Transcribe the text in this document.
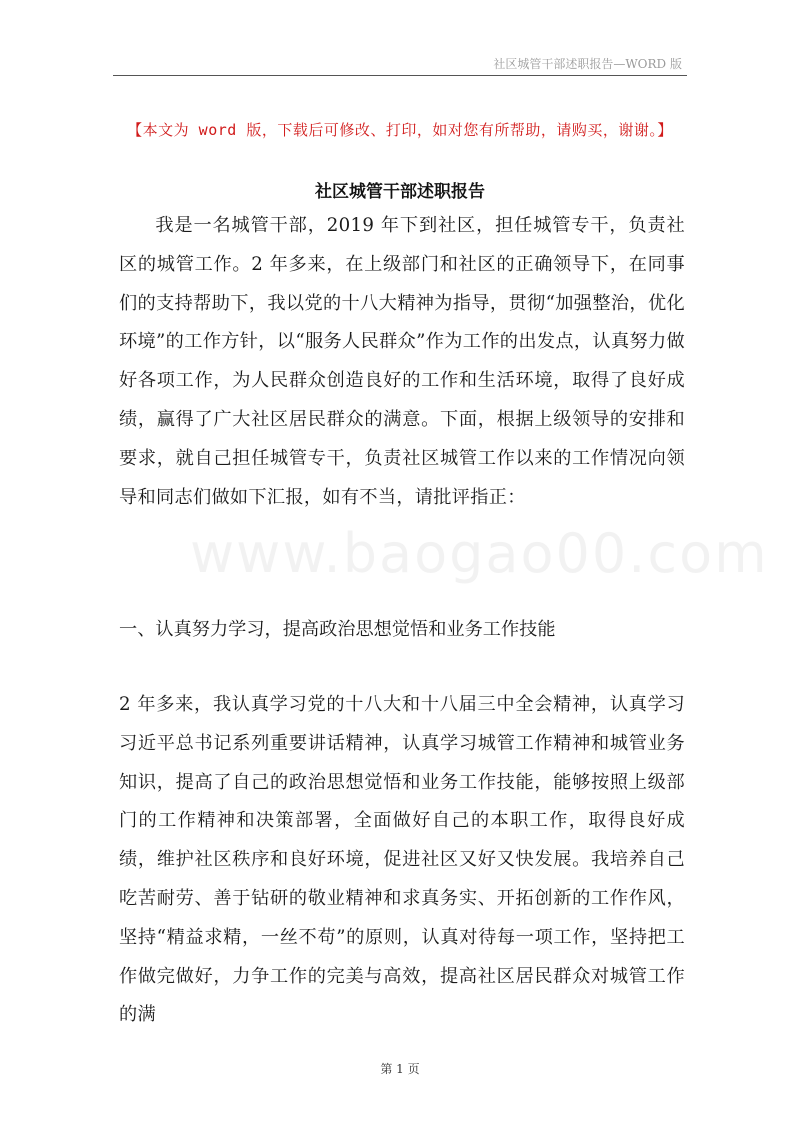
社区城管干部述职报告—WORD 版
【本文为 word 版，下载后可修改、打印，如对您有所帮助，请购买，谢谢。】
社区城管干部述职报告

我是一名城管干部，2019 年下到社区，担任城管专干，负责社区的城管工作。2 年多来，在上级部门和社区的正确领导下，在同事们的支持帮助下，我以党的十八大精神为指导，贯彻“加强整治，优化环境”的工作方针，以“服务人民群众”作为工作的出发点，认真努力做好各项工作，为人民群众创造良好的工作和生活环境，取得了良好成绩，赢得了广大社区居民群众的满意。下面，根据上级领导的安排和要求，就自己担任城管专干，负责社区城管工作以来的工作情况向领导和同志们做如下汇报，如有不当，请批评指正：

www.baogao00.com

一、认真努力学习，提高政治思想觉悟和业务工作技能

2 年多来，我认真学习党的十八大和十八届三中全会精神，认真学习习近平总书记系列重要讲话精神，认真学习城管工作精神和城管业务知识，提高了自己的政治思想觉悟和业务工作技能，能够按照上级部门的工作精神和决策部署，全面做好自己的本职工作，取得良好成绩，维护社区秩序和良好环境，促进社区又好又快发展。我培养自己吃苦耐劳、善于钻研的敬业精神和求真务实、开拓创新的工作作风，坚持“精益求精，一丝不苟”的原则，认真对待每一项工作，坚持把工作做完做好，力争工作的完美与高效，提高社区居民群众对城管工作的满

第 1 页
